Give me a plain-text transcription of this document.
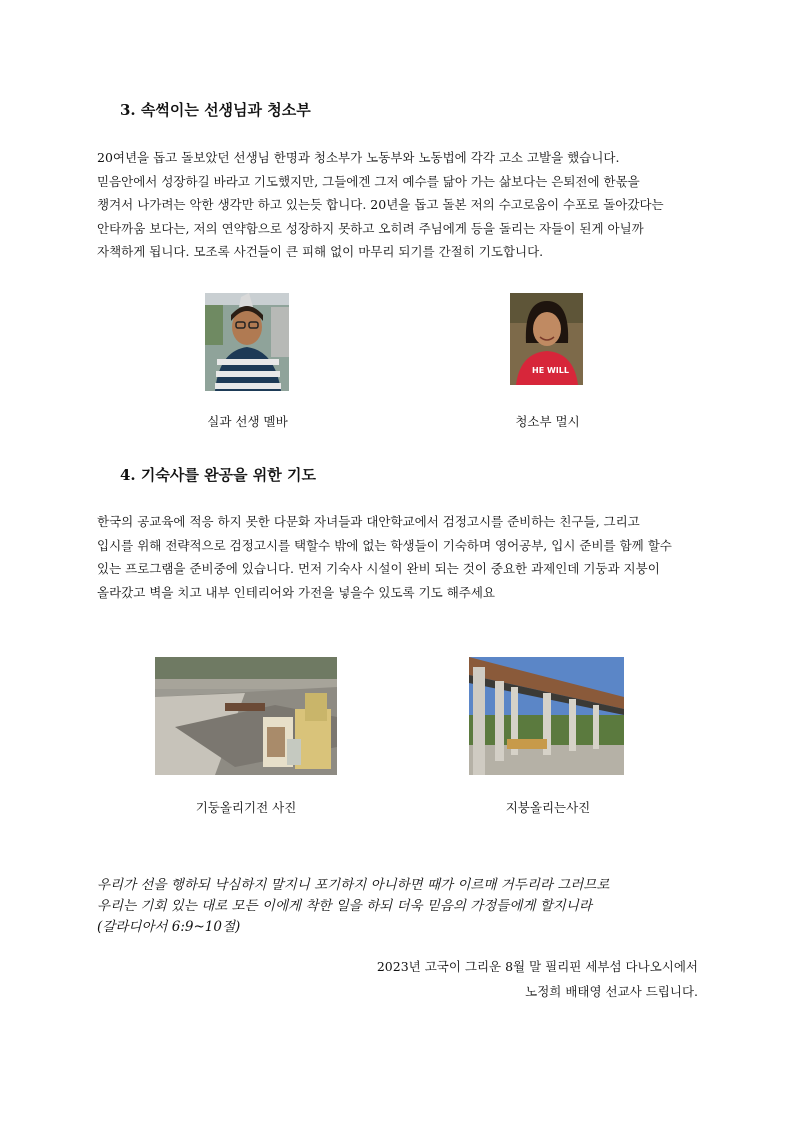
3. 속썩이는 선생님과 청소부
20여년을 돕고 돌보았던 선생님 한명과 청소부가 노동부와 노동법에 각각 고소 고발을 했습니다.
믿음안에서 성장하길 바라고 기도했지만, 그들에겐 그저 예수를 닮아 가는 삶보다는 은퇴전에 한몫을
챙겨서 나가려는 악한 생각만 하고 있는듯 합니다. 20년을 돕고 돌본 저의 수고로움이 수포로 돌아갔다는
안타까움 보다는, 저의 연약함으로 성장하지 못하고 오히려 주님에게 등을 돌리는 자들이 된게 아닐까
자책하게 됩니다. 모조록 사건들이 큰 피해 없이 마무리 되기를 간절히 기도합니다.
HE WILL
실과 선생 멜바	청소부 멀시
4. 기숙사를 완공을 위한 기도
한국의 공교육에 적응 하지 못한 다문화 자녀들과 대안학교에서 검정고시를 준비하는 친구들, 그리고
입시를 위해 전략적으로 검정고시를 택할수 밖에 없는 학생들이 기숙하며 영어공부, 입시 준비를 함께 할수
있는 프로그램을 준비중에 있습니다. 먼저 기숙사 시설이 완비 되는 것이 중요한 과제인데 기둥과 지붕이
올라갔고 벽을 치고 내부 인테리어와 가전을 넣을수 있도록 기도 해주세요
기둥올리기전 사진	지붕올리는사진
우리가 선을 행하되 낙심하지 말지니 포기하지 아니하면 때가 이르매 거두리라 그러므로
우리는 기회 있는 대로 모든 이에게 착한 일을 하되 더욱 믿음의 가정들에게 할지니라
(갈라디아서 6:9~10절)
2023년 고국이 그리운 8월 말 필리핀 세부섬 다나오시에서
노정희 배태영 선교사 드립니다.
